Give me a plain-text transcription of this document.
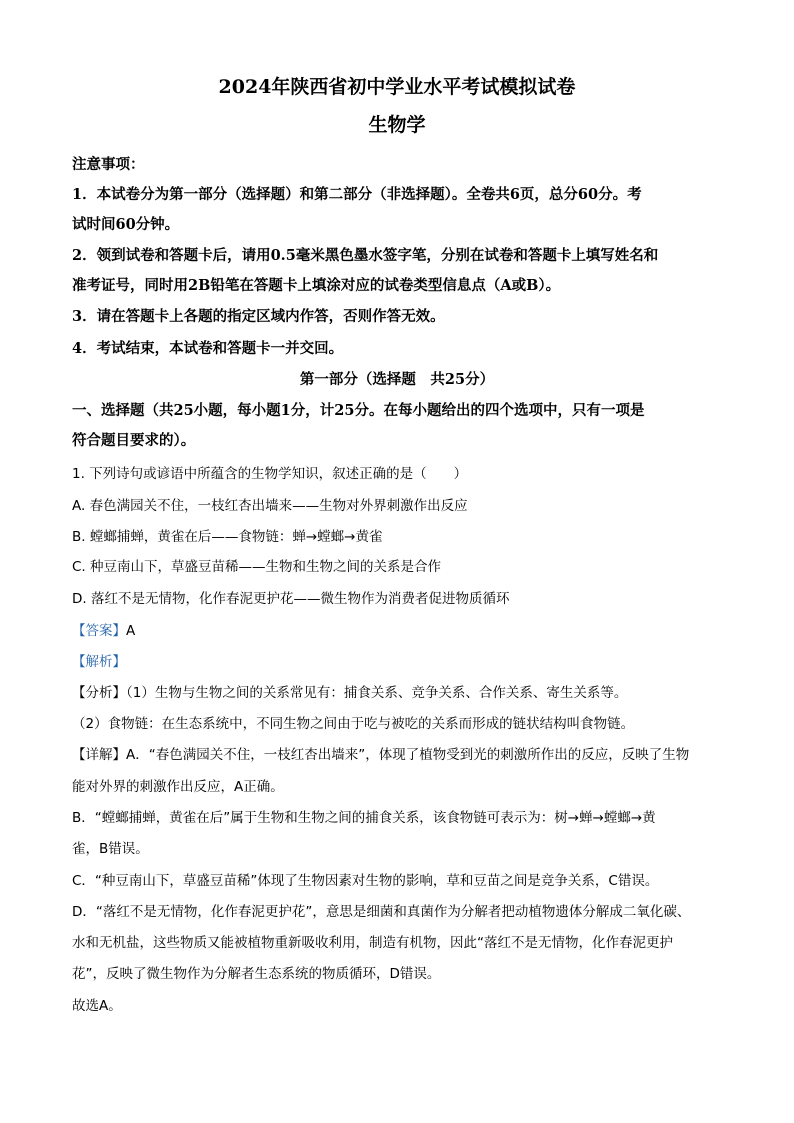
2024年陕西省初中学业水平考试模拟试卷
生物学
注意事项：
1．本试卷分为第一部分（选择题）和第二部分（非选择题）。全卷共6页，总分60分。考
试时间60分钟。
2．领到试卷和答题卡后，请用0.5毫米黑色墨水签字笔，分别在试卷和答题卡上填写姓名和
准考证号，同时用2B铅笔在答题卡上填涂对应的试卷类型信息点（A或B）。
3．请在答题卡上各题的指定区域内作答，否则作答无效。
4．考试结束，本试卷和答题卡一并交回。
第一部分（选择题　共25分）
一、选择题（共25小题，每小题1分，计25分。在每小题给出的四个选项中，只有一项是
符合题目要求的）。
1. 下列诗句或谚语中所蕴含的生物学知识，叙述正确的是（　　）
A. 春色满园关不住，一枝红杏出墙来——生物对外界刺激作出反应
B. 螳螂捕蝉，黄雀在后——食物链：蝉→螳螂→黄雀
C. 种豆南山下，草盛豆苗稀——生物和生物之间的关系是合作
D. 落红不是无情物，化作春泥更护花——微生物作为消费者促进物质循环
【答案】A
【解析】
【分析】（1）生物与生物之间的关系常见有：捕食关系、竞争关系、合作关系、寄生关系等。
（2）食物链：在生态系统中，不同生物之间由于吃与被吃的关系而形成的链状结构叫食物链。
【详解】A．“春色满园关不住，一枝红杏出墙来”，体现了植物受到光的刺激所作出的反应，反映了生物
能对外界的刺激作出反应，A正确。
B．“螳螂捕蝉，黄雀在后”属于生物和生物之间的捕食关系，该食物链可表示为：树→蝉→螳螂→黄
雀，B错误。
C．“种豆南山下，草盛豆苗稀”体现了生物因素对生物的影响，草和豆苗之间是竞争关系，C错误。
D．“落红不是无情物，化作春泥更护花”，意思是细菌和真菌作为分解者把动植物遗体分解成二氧化碳、
水和无机盐，这些物质又能被植物重新吸收利用，制造有机物，因此“落红不是无情物，化作春泥更护
花”，反映了微生物作为分解者生态系统的物质循环，D错误。
故选A。
